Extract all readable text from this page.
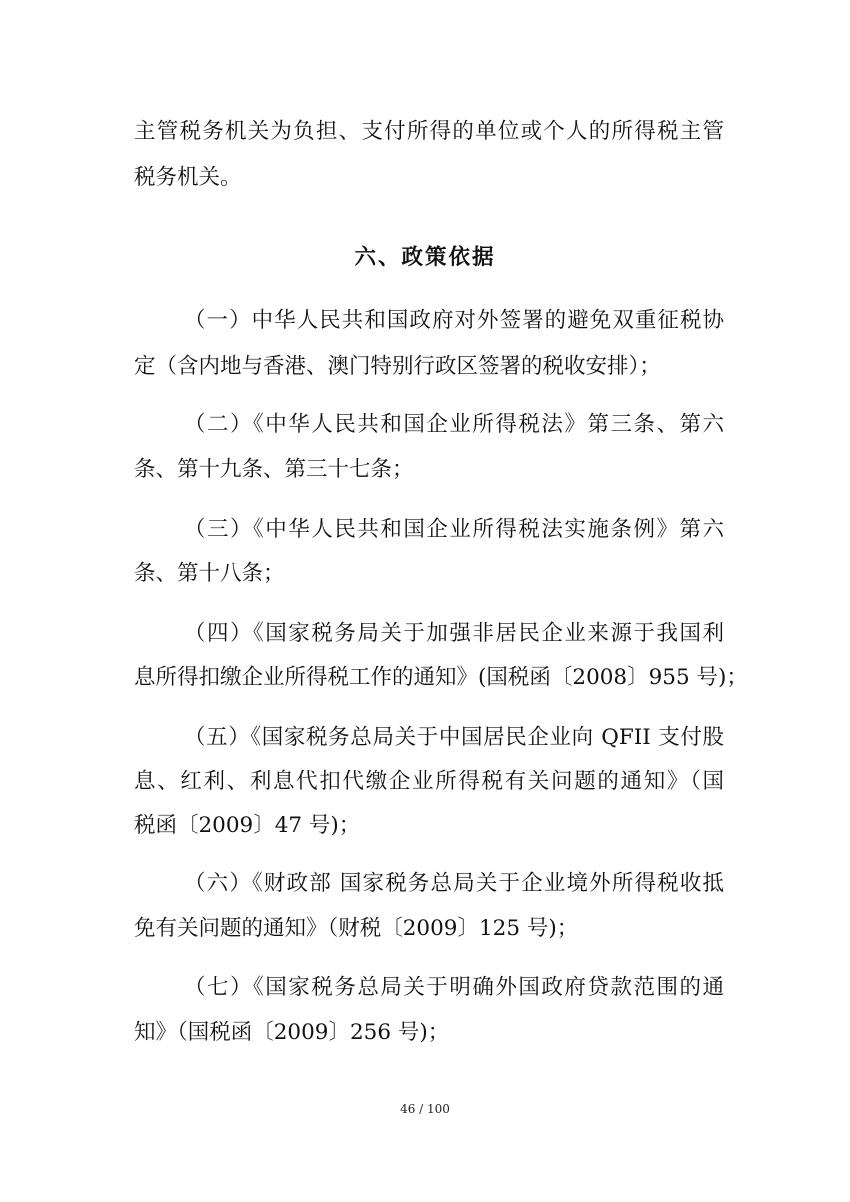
主管税务机关为负担、支付所得的单位或个人的所得税主管
税务机关。
六、政策依据
（一）中华人民共和国政府对外签署的避免双重征税协
定（含内地与香港、澳门特别行政区签署的税收安排）；
（二）《中华人民共和国企业所得税法》第三条、第六
条、第十九条、第三十七条；
（三）《中华人民共和国企业所得税法实施条例》第六
条、第十八条；
（四）《国家税务局关于加强非居民企业来源于我国利
息所得扣缴企业所得税工作的通知》(国税函〔2008〕955 号)；
（五）《国家税务总局关于中国居民企业向 QFII 支付股
息、红利、利息代扣代缴企业所得税有关问题的通知》（国
税函〔2009〕47 号)；
（六）《财政部 国家税务总局关于企业境外所得税收抵
免有关问题的通知》（财税〔2009〕125 号)；
（七）《国家税务总局关于明确外国政府贷款范围的通
知》（国税函〔2009〕256 号)；
46 / 100
